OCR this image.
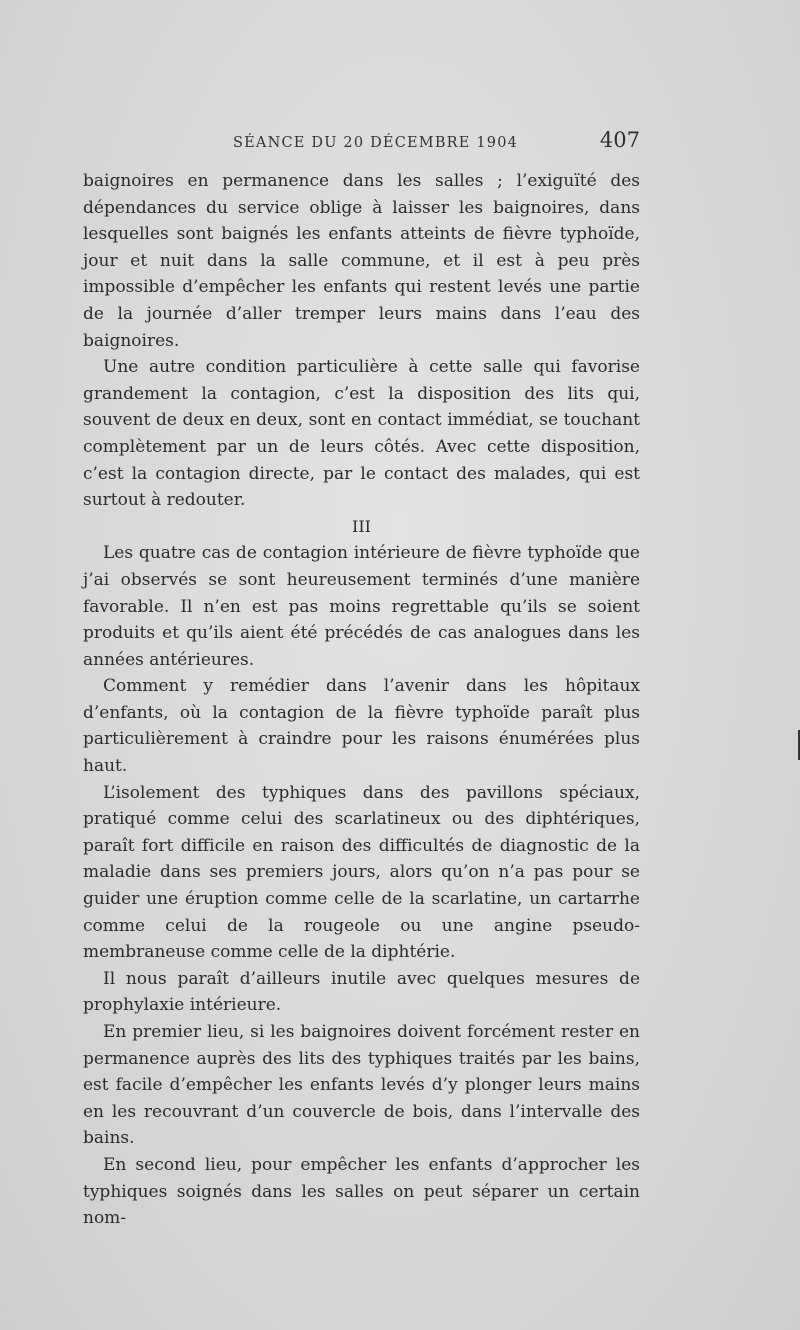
SÉANCE DU 20 DÉCEMBRE 1904	407

baignoires en permanence dans les salles ; l’exiguïté des dépendances du service oblige à laisser les baignoires, dans lesquelles sont baignés les enfants atteints de fièvre typhoïde, jour et nuit dans la salle commune, et il est à peu près impossible d’empêcher les enfants qui restent levés une partie de la journée d’aller tremper leurs mains dans l’eau des baignoires.

Une autre condition particulière à cette salle qui favorise grandement la contagion, c’est la disposition des lits qui, souvent de deux en deux, sont en contact immédiat, se touchant complètement par un de leurs côtés. Avec cette disposition, c’est la contagion directe, par le contact des malades, qui est surtout à redouter.

III

Les quatre cas de contagion intérieure de fièvre typhoïde que j’ai observés se sont heureusement terminés d’une manière favorable. Il n’en est pas moins regrettable qu’ils se soient produits et qu’ils aient été précédés de cas analogues dans les années antérieures.

Comment y remédier dans l’avenir dans les hôpitaux d’enfants, où la contagion de la fièvre typhoïde paraît plus particulièrement à craindre pour les raisons énumérées plus haut.

L’isolement des typhiques dans des pavillons spéciaux, pratiqué comme celui des scarlatineux ou des diphtériques, paraît fort difficile en raison des difficultés de diagnostic de la maladie dans ses premiers jours, alors qu’on n’a pas pour se guider une éruption comme celle de la scarlatine, un cartarrhe comme celui de la rougeole ou une angine pseudo-membraneuse comme celle de la diphtérie.

Il nous paraît d’ailleurs inutile avec quelques mesures de prophylaxie intérieure.

En premier lieu, si les baignoires doivent forcément rester en permanence auprès des lits des typhiques traités par les bains, est facile d’empêcher les enfants levés d’y plonger leurs mains en les recouvrant d’un couvercle de bois, dans l’intervalle des bains.

En second lieu, pour empêcher les enfants d’approcher les typhiques soignés dans les salles on peut séparer un certain nom-
